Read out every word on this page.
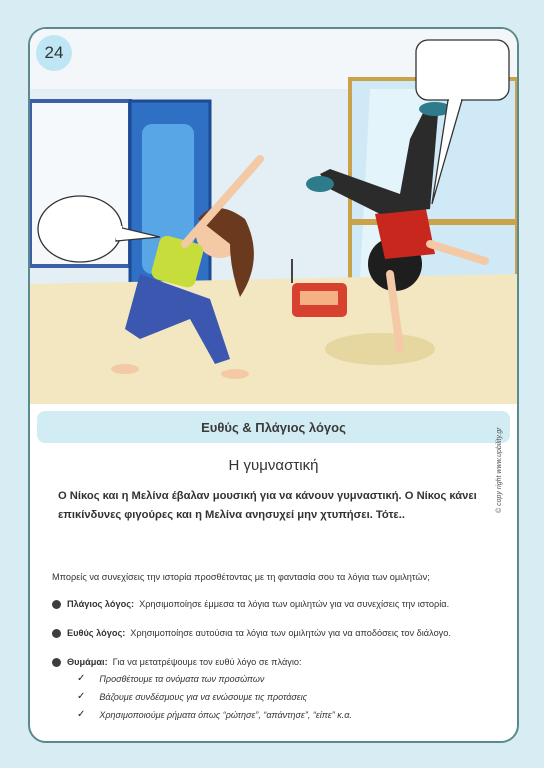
24
Ευθύς & Πλάγιος λόγος
Η γυμναστική
Ο Νίκος και η Μελίνα έβαλαν μουσική για να κάνουν γυμναστική. Ο Νίκος κάνει επικίνδυνες φιγούρες και η Μελίνα ανησυχεί μην χτυπήσει. Τότε..
Μπορείς να συνεχίσεις την ιστορία προσθέτοντας με τη φαντασία σου τα λόγια των ομιλητών;
Πλάγιος λόγος: Χρησιμοποίησε έμμεσα τα λόγια των ομιλητών για να συνεχίσεις την ιστορία.
Ευθύς λόγος: Χρησιμοποίησε αυτούσια τα λόγια των ομιλητών για να αποδόσεις τον διάλογο.
Θυμάμαι: Για να μετατρέψουμε τον ευθύ λόγο σε πλάγιο:
✓ Προσθέτουμε τα ονόματα των προσώπων
✓ Βάζουμε συνδέσμους για να ενώσουμε τις προτάσεις
✓ Χρησιμοποιούμε ρήματα όπως “ρώτησε”, “απάντησε”, “είπε” κ.α.
© copy right www.upbility.gr
